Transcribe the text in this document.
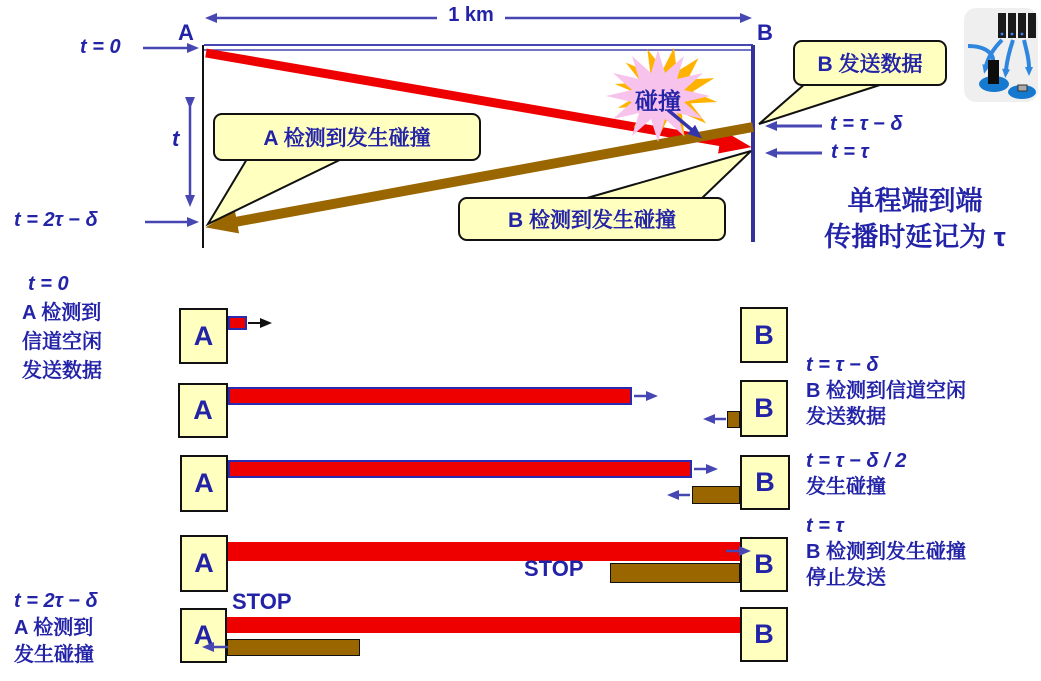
1 km
A	B
t = 0
t
t = 2τ − δ
碰撞
A 检测到发生碰撞
B 检测到发生碰撞
B 发送数据
t = τ − δ
t = τ
单程端到端
传播时延记为 τ
t = 0
A 检测到
信道空闲
发送数据	t = τ − δ
B 检测到信道空闲
发送数据
t = τ − δ / 2
发生碰撞
t = τ
B 检测到发生碰撞
停止发送
t = 2τ − δ
A 检测到
发生碰撞
A	B
A	B
A	B
A	STOP	B
STOP
A	B
